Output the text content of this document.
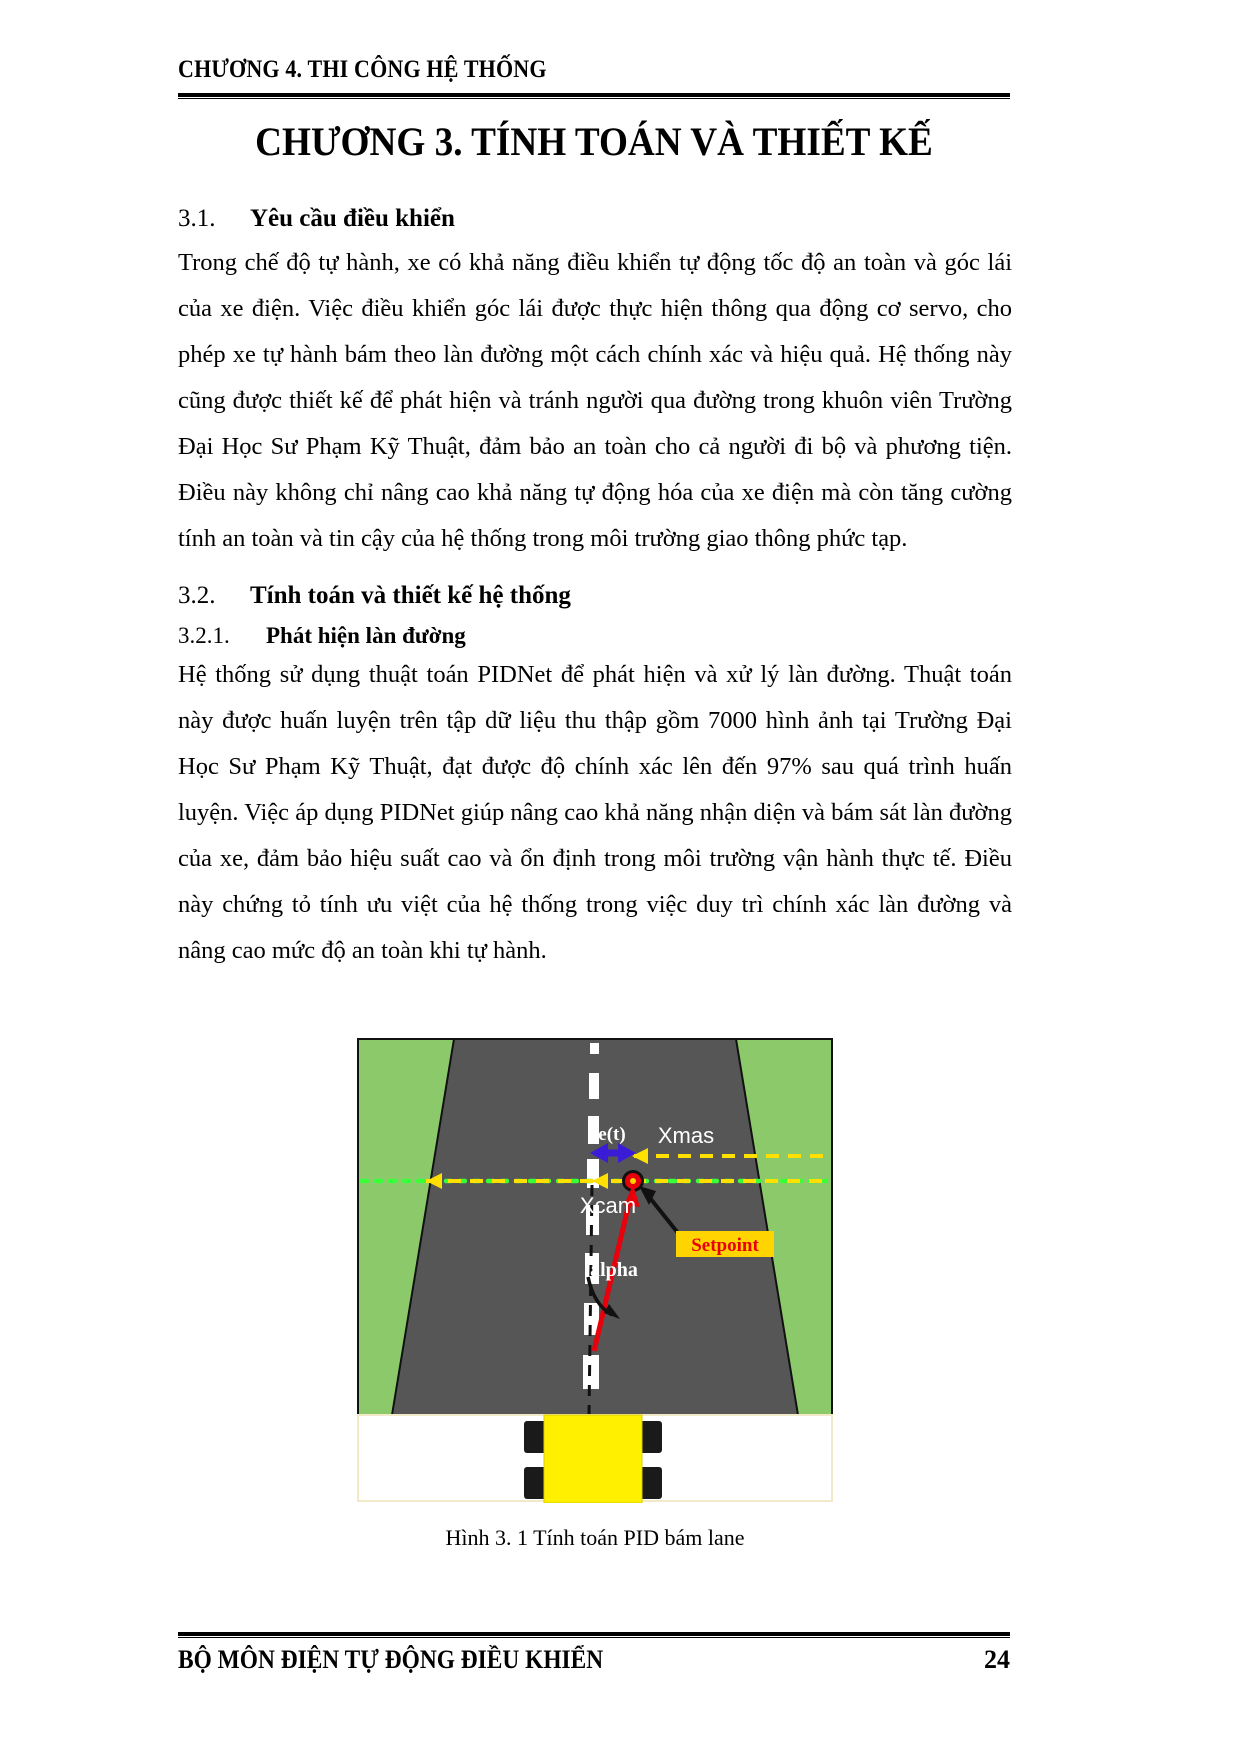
CHƯƠNG 4. THI CÔNG HỆ THỐNG
CHƯƠNG 3. TÍNH TOÁN VÀ THIẾT KẾ
3.1.	Yêu cầu điều khiển

Trong chế độ tự hành, xe có khả năng điều khiển tự động tốc độ an toàn và góc lái của xe điện. Việc điều khiển góc lái được thực hiện thông qua động cơ servo, cho phép xe tự hành bám theo làn đường một cách chính xác và hiệu quả. Hệ thống này cũng được thiết kế để phát hiện và tránh người qua đường trong khuôn viên Trường Đại Học Sư Phạm Kỹ Thuật, đảm bảo an toàn cho cả người đi bộ và phương tiện. Điều này không chỉ nâng cao khả năng tự động hóa của xe điện mà còn tăng cường tính an toàn và tin cậy của hệ thống trong môi trường giao thông phức tạp.

3.2.	Tính toán và thiết kế hệ thống
3.2.1.	Phát hiện làn đường

Hệ thống sử dụng thuật toán PIDNet để phát hiện và xử lý làn đường. Thuật toán này được huấn luyện trên tập dữ liệu thu thập gồm 7000 hình ảnh tại Trường Đại Học Sư Phạm Kỹ Thuật, đạt được độ chính xác lên đến 97% sau quá trình huấn luyện. Việc áp dụng PIDNet giúp nâng cao khả năng nhận diện và bám sát làn đường của xe, đảm bảo hiệu suất cao và ổn định trong môi trường vận hành thực tế. Điều này chứng tỏ tính ưu việt của hệ thống trong việc duy trì chính xác làn đường và nâng cao mức độ an toàn khi tự hành.

e(t) Xmas
Xcam
alpha
Setpoint
Hình 3. 1 Tính toán PID bám lane
BỘ MÔN ĐIỆN TỰ ĐỘNG ĐIỀU KHIỂN	24
